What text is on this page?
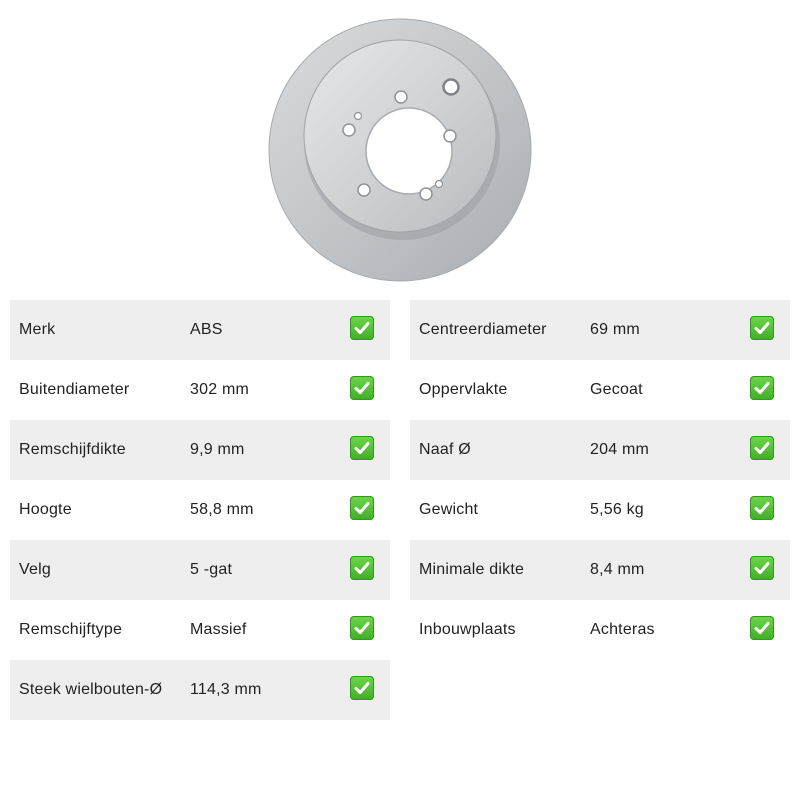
Merk	ABS
Buitendiameter	302 mm
Remschijfdikte	9,9 mm
Hoogte	58,8 mm
Velg	5 -gat
Remschijftype	Massief
Steek wielbouten-Ø 114,3 mm
Centreerdiameter	69 mm
Oppervlakte	Gecoat
Naaf Ø	204 mm
Gewicht	5,56 kg
Minimale dikte	8,4 mm
Inbouwplaats	Achteras
